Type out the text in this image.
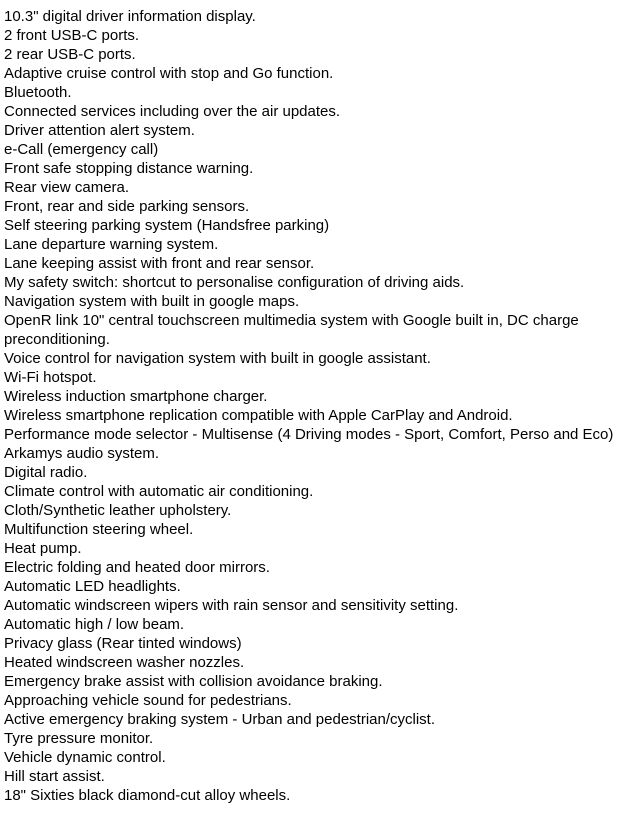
10.3" digital driver information display.
2 front USB-C ports.
2 rear USB-C ports.
Adaptive cruise control with stop and Go function.
Bluetooth.
Connected services including over the air updates.
Driver attention alert system.
e-Call (emergency call)
Front safe stopping distance warning.
Rear view camera.
Front, rear and side parking sensors.
Self steering parking system (Handsfree parking)
Lane departure warning system.
Lane keeping assist with front and rear sensor.
My safety switch: shortcut to personalise configuration of driving aids.
Navigation system with built in google maps.
OpenR link 10" central touchscreen multimedia system with Google built in, DC charge preconditioning.
Voice control for navigation system with built in google assistant.
Wi-Fi hotspot.
Wireless induction smartphone charger.
Wireless smartphone replication compatible with Apple CarPlay and Android.
Performance mode selector - Multisense (4 Driving modes - Sport, Comfort, Perso and Eco)
Arkamys audio system.
Digital radio.
Climate control with automatic air conditioning.
Cloth/Synthetic leather upholstery.
Multifunction steering wheel.
Heat pump.
Electric folding and heated door mirrors.
Automatic LED headlights.
Automatic windscreen wipers with rain sensor and sensitivity setting.
Automatic high / low beam.
Privacy glass (Rear tinted windows)
Heated windscreen washer nozzles.
Emergency brake assist with collision avoidance braking.
Approaching vehicle sound for pedestrians.
Active emergency braking system - Urban and pedestrian/cyclist.
Tyre pressure monitor.
Vehicle dynamic control.
Hill start assist.
18" Sixties black diamond-cut alloy wheels.
